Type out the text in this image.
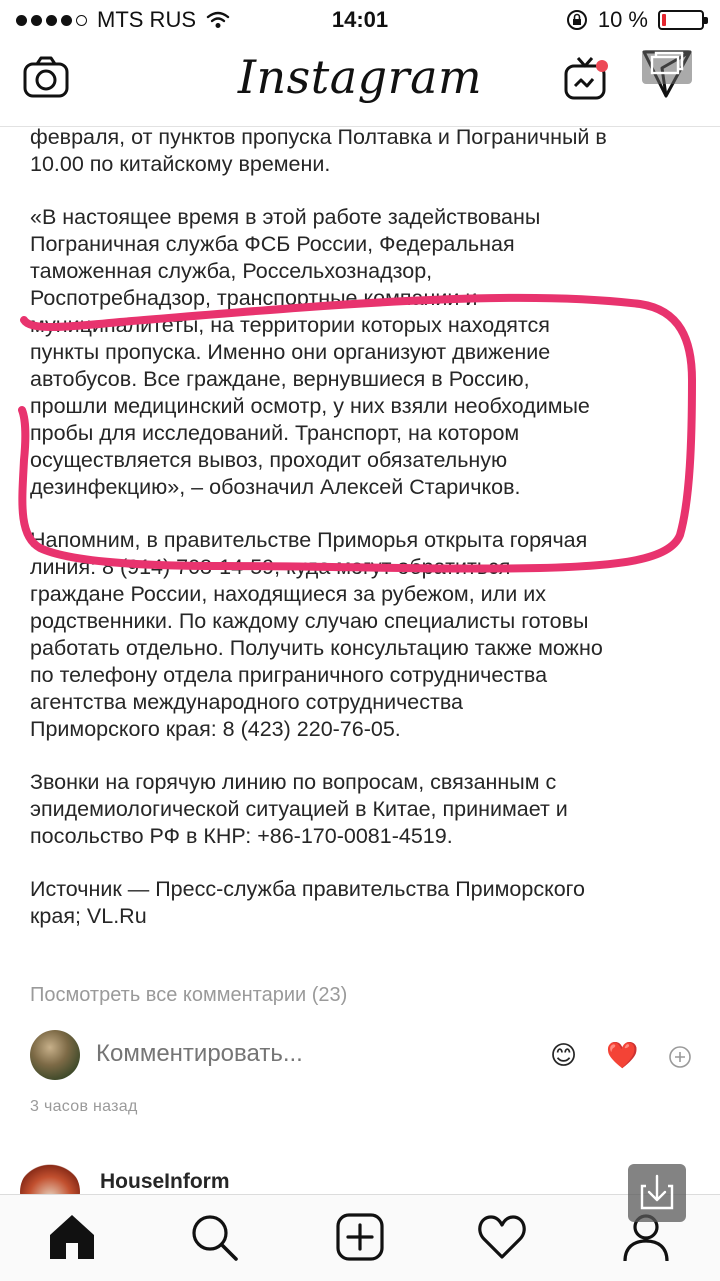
MTS RUS	14:01	10 %
Instagram

февраля, от пунктов пропуска Полтавка и Пограничный в
10.00 по китайскому времени.

«В настоящее время в этой работе задействованы
Пограничная служба ФСБ России, Федеральная
таможенная служба, Россельхознадзор,
Роспотребнадзор, транспортные компании и
муниципалитеты, на территории которых находятся
пункты пропуска. Именно они организуют движение
автобусов. Все граждане, вернувшиеся в Россию,
прошли медицинский осмотр, у них взяли необходимые
пробы для исследований. Транспорт, на котором
осуществляется вывоз, проходит обязательную
дезинфекцию», – обозначил Алексей Старичков.

Напомним, в правительстве Приморья открыта горячая
линия: 8 (914) 703-14-59, куда могут обратиться
граждане России, находящиеся за рубежом, или их
родственники. По каждому случаю специалисты готовы
работать отдельно. Получить консультацию также можно
по телефону отдела приграничного сотрудничества
агентства международного сотрудничества
Приморского края: 8 (423) 220-76-05.

Звонки на горячую линию по вопросам, связанным с
эпидемиологической ситуацией в Китае, принимает и
посольство РФ в КНР: +86-170-0081-4519.

Источник — Пресс-служба правительства Приморского
края; VL.Ru

Посмотреть все комментарии (23)
Комментировать...
😊 ❤️
3 часов назад
HouseInform
